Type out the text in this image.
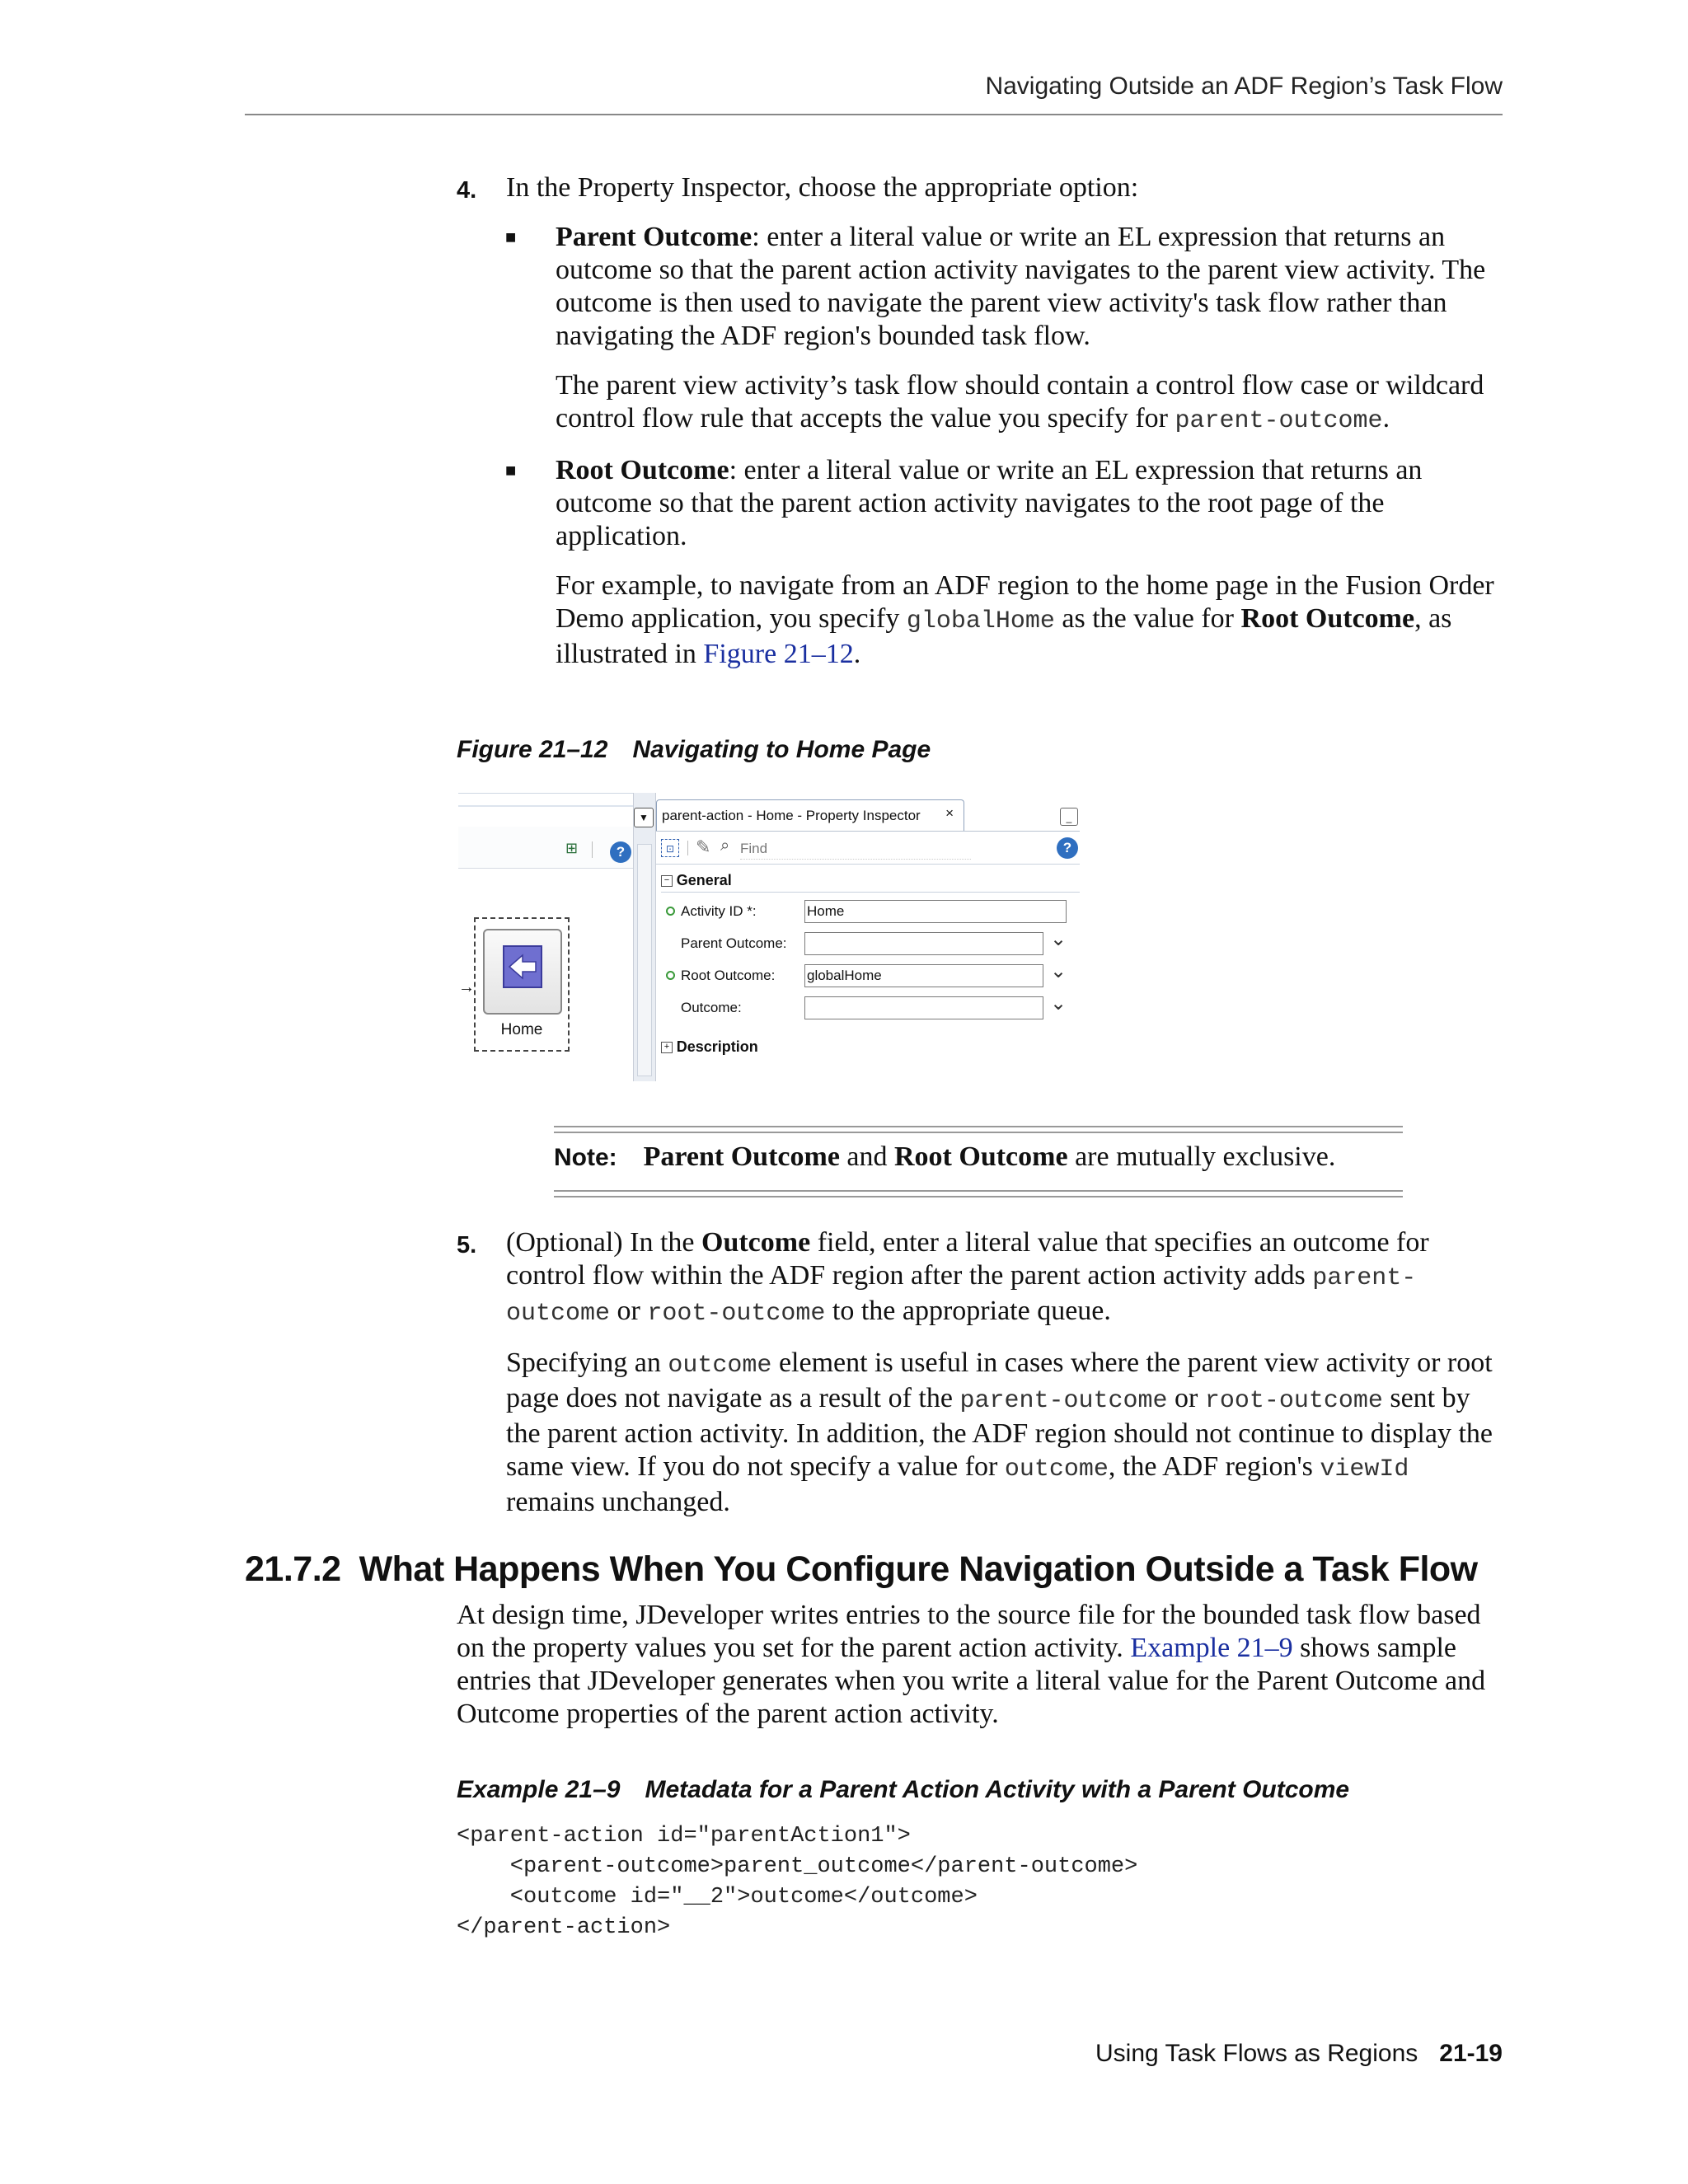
Navigating Outside an ADF Region’s Task Flow
4. In the Property Inspector, choose the appropriate option:

■ Parent Outcome: enter a literal value or write an EL expression that returns an outcome so that the parent action activity navigates to the parent view activity. The outcome is then used to navigate the parent view activity's task flow rather than navigating the ADF region's bounded task flow.

The parent view activity’s task flow should contain a control flow case or wildcard control flow rule that accepts the value you specify for parent-outcome.

■ Root Outcome: enter a literal value or write an EL expression that returns an outcome so that the parent action activity navigates to the root page of the application.

For example, to navigate from an ADF region to the home page in the Fusion Order Demo application, you specify globalHome as the value for Root Outcome, as illustrated in Figure 21–12.

Figure 21–12 Navigating to Home Page
⊞	?
Home
→
▼ parent-action - Home - Property Inspector ×	_
⊡ ✎ ⌕ Find	?
− General
Activity ID *:	Home
Parent Outcome:	⌄
Root Outcome: globalHome	⌄
Outcome:	⌄
+ Description
Note: Parent Outcome and Root Outcome are mutually exclusive.
5. (Optional) In the Outcome field, enter a literal value that specifies an outcome for control flow within the ADF region after the parent action activity adds parent-outcome or root-outcome to the appropriate queue.

Specifying an outcome element is useful in cases where the parent view activity or root page does not navigate as a result of the parent-outcome or root-outcome sent by the parent action activity. In addition, the ADF region should not continue to display the same view. If you do not specify a value for outcome, the ADF region's viewId remains unchanged.

21.7.2 What Happens When You Configure Navigation Outside a Task Flow

At design time, JDeveloper writes entries to the source file for the bounded task flow based on the property values you set for the parent action activity. Example 21–9 shows sample entries that JDeveloper generates when you write a literal value for the Parent Outcome and Outcome properties of the parent action activity.

Example 21–9 Metadata for a Parent Action Activity with a Parent Outcome
<parent-action id="parentAction1">
<parent-outcome>parent_outcome</parent-outcome>
<outcome id="__2">outcome</outcome>
</parent-action>
Using Task Flows as Regions 21-19
